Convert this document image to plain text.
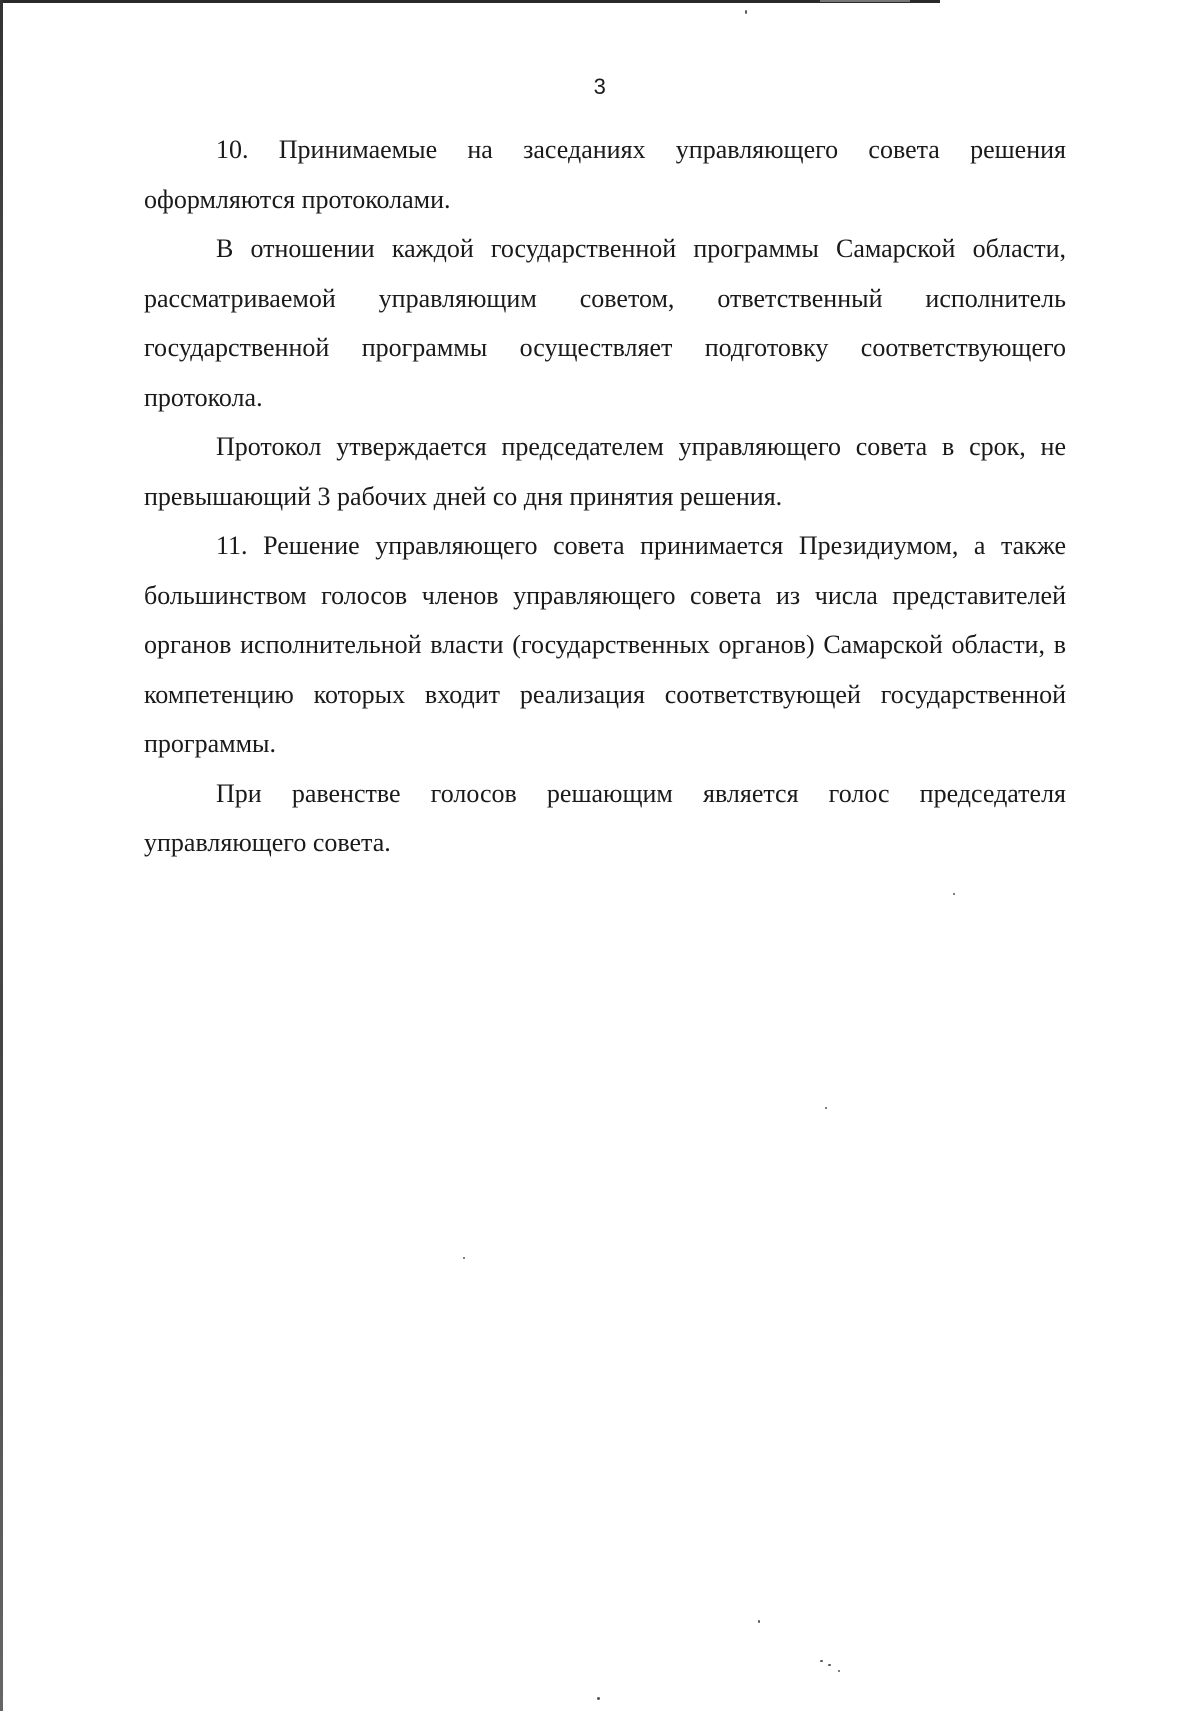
3

10. Принимаемые на заседаниях управляющего совета решения оформляются протоколами.

В отношении каждой государственной программы Самарской области, рассматриваемой управляющим советом, ответственный исполнитель государственной программы осуществляет подготовку соответствующего протокола.

Протокол утверждается председателем управляющего совета в срок, не превышающий 3 рабочих дней со дня принятия решения.

11. Решение управляющего совета принимается Президиумом, а также большинством голосов членов управляющего совета из числа представителей органов исполнительной власти (государственных органов) Самарской области, в компетенцию которых входит реализация соответствующей государственной программы.

При равенстве голосов решающим является голос председателя управляющего совета.
